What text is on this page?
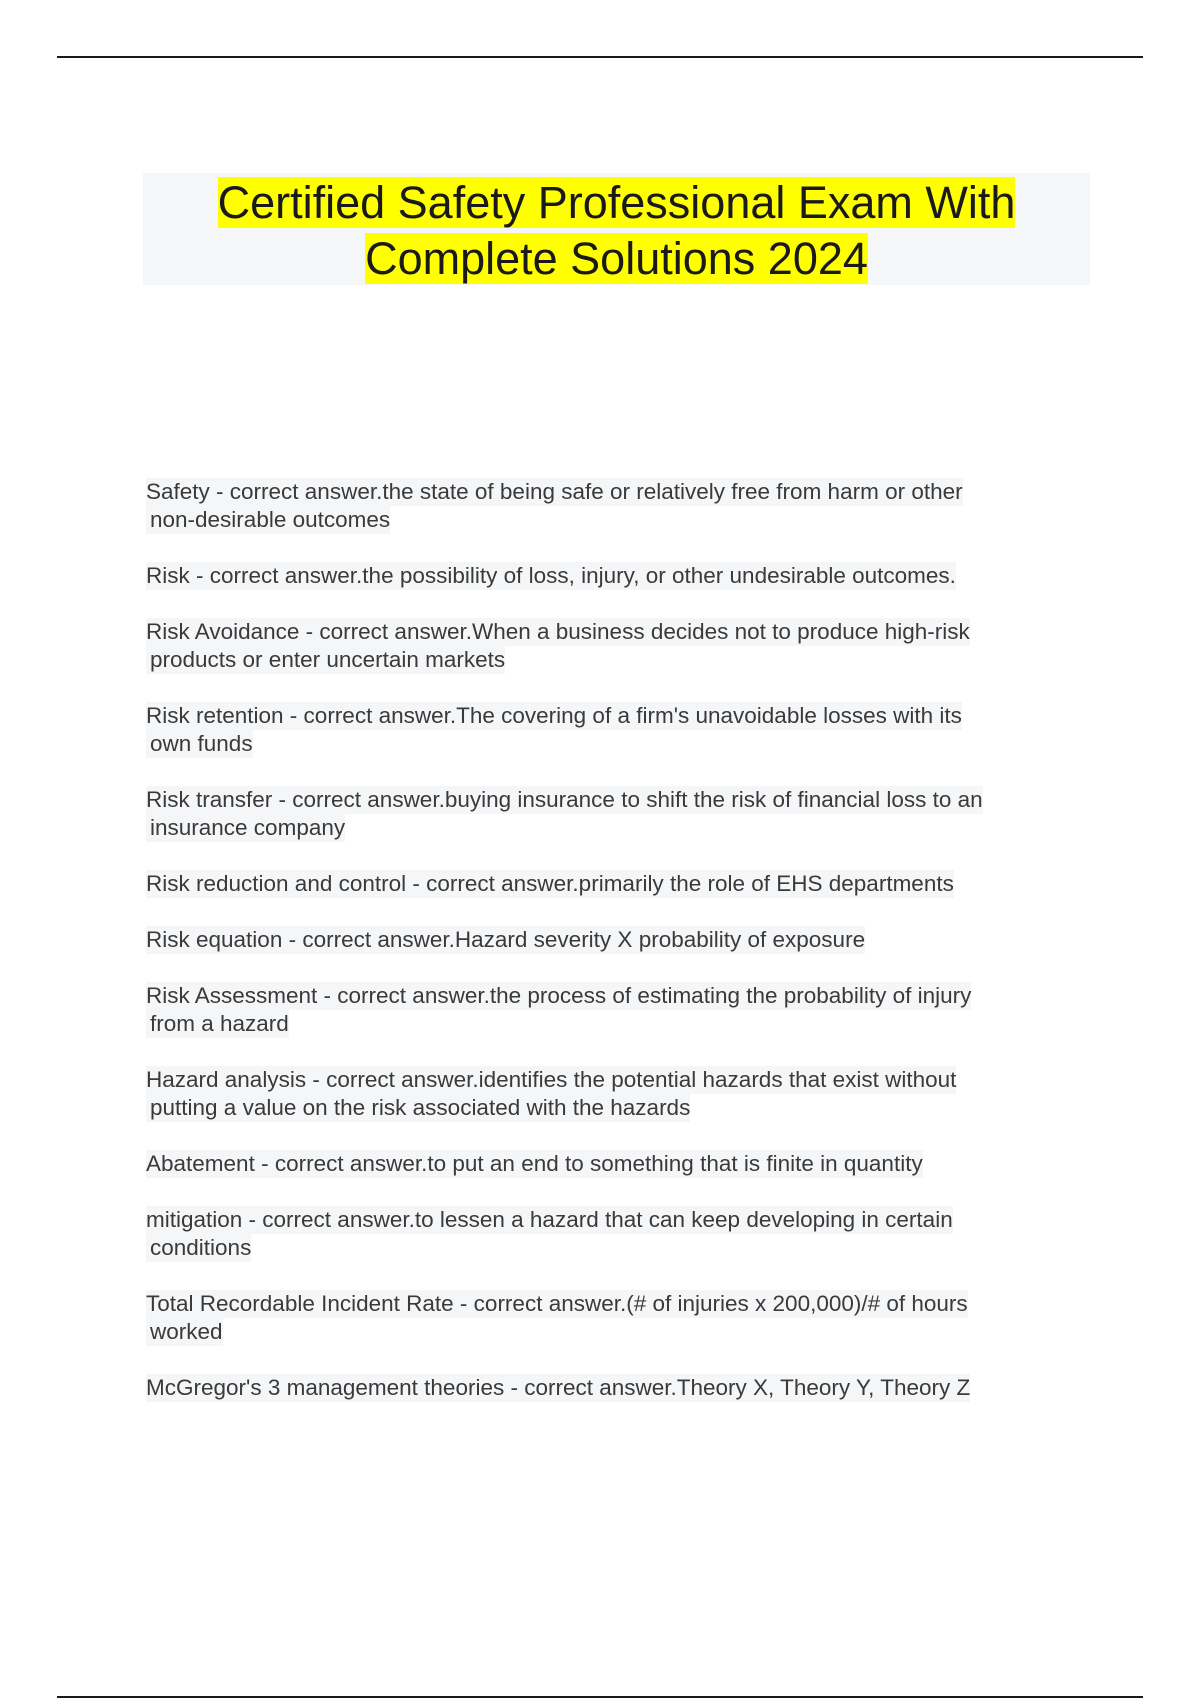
Certified Safety Professional Exam With
Complete Solutions 2024
Safety - correct answer.the state of being safe or relatively free from harm or other
non-desirable outcomes
Risk - correct answer.the possibility of loss, injury, or other undesirable outcomes.
Risk Avoidance - correct answer.When a business decides not to produce high-risk
products or enter uncertain markets
Risk retention - correct answer.The covering of a firm's unavoidable losses with its
own funds
Risk transfer - correct answer.buying insurance to shift the risk of financial loss to an
insurance company
Risk reduction and control - correct answer.primarily the role of EHS departments
Risk equation - correct answer.Hazard severity X probability of exposure
Risk Assessment - correct answer.the process of estimating the probability of injury
from a hazard
Hazard analysis - correct answer.identifies the potential hazards that exist without
putting a value on the risk associated with the hazards
Abatement - correct answer.to put an end to something that is finite in quantity
mitigation - correct answer.to lessen a hazard that can keep developing in certain
conditions
Total Recordable Incident Rate - correct answer.(# of injuries x 200,000)/# of hours
worked
McGregor's 3 management theories - correct answer.Theory X, Theory Y, Theory Z
